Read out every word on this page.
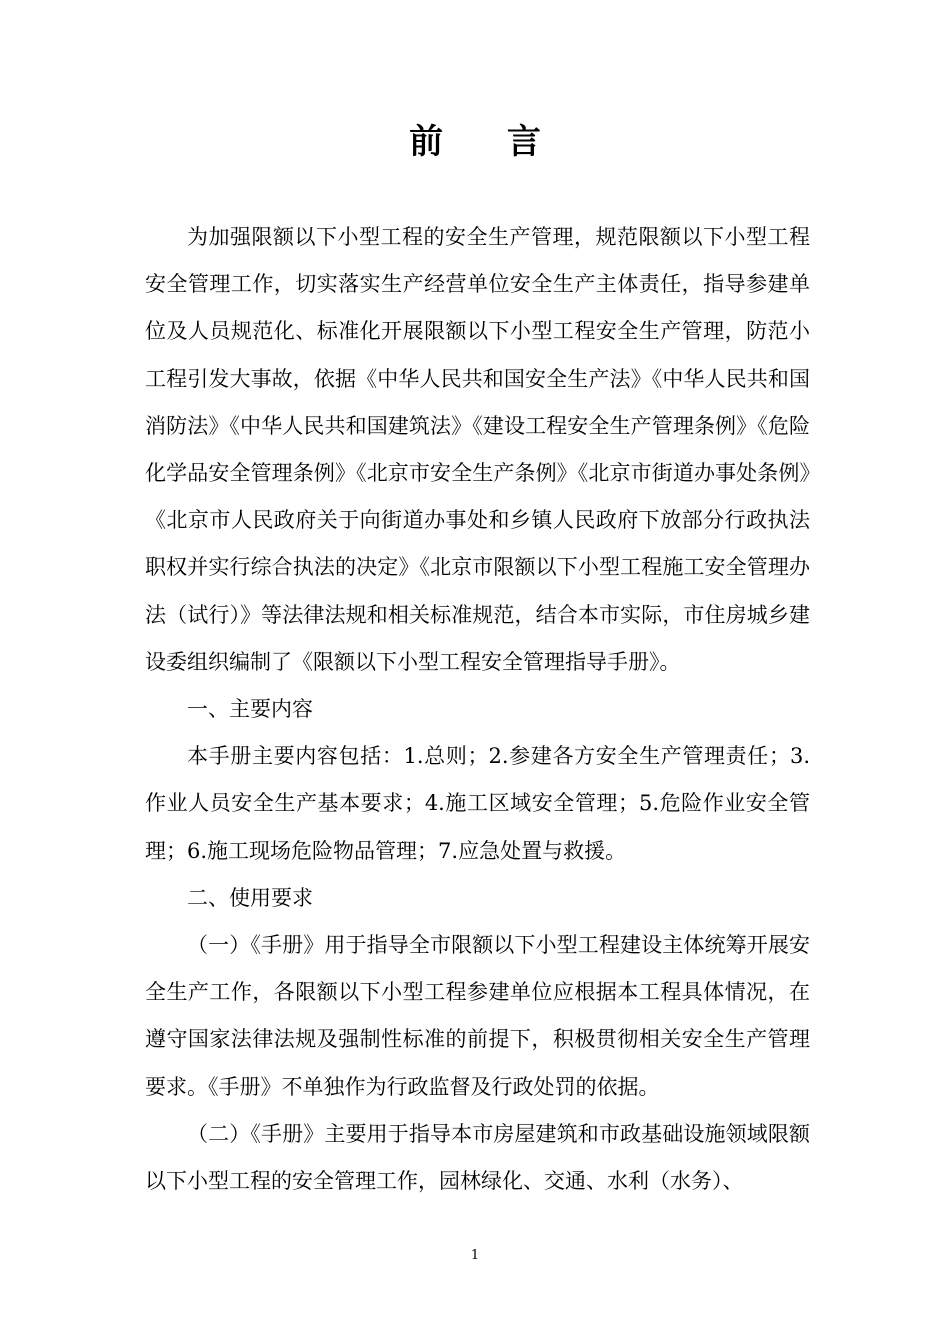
前 言

为加强限额以下小型工程的安全生产管理，规范限额以下小型工程安全管理工作，切实落实生产经营单位安全生产主体责任，指导参建单位及人员规范化、标准化开展限额以下小型工程安全生产管理，防范小工程引发大事故，依据《中华人民共和国安全生产法》《中华人民共和国消防法》《中华人民共和国建筑法》《建设工程安全生产管理条例》《危险化学品安全管理条例》《北京市安全生产条例》《北京市街道办事处条例》《北京市人民政府关于向街道办事处和乡镇人民政府下放部分行政执法职权并实行综合执法的决定》《北京市限额以下小型工程施工安全管理办法（试行）》等法律法规和相关标准规范，结合本市实际，市住房城乡建设委组织编制了《限额以下小型工程安全管理指导手册》。

一、主要内容

本手册主要内容包括：1.总则；2.参建各方安全生产管理责任；3.作业人员安全生产基本要求；4.施工区域安全管理；5.危险作业安全管理；6.施工现场危险物品管理；7.应急处置与救援。

二、使用要求

（一）《手册》用于指导全市限额以下小型工程建设主体统筹开展安全生产工作，各限额以下小型工程参建单位应根据本工程具体情况，在遵守国家法律法规及强制性标准的前提下，积极贯彻相关安全生产管理要求。《手册》不单独作为行政监督及行政处罚的依据。

（二）《手册》主要用于指导本市房屋建筑和市政基础设施领域限额以下小型工程的安全管理工作，园林绿化、交通、水利（水务）、

1
